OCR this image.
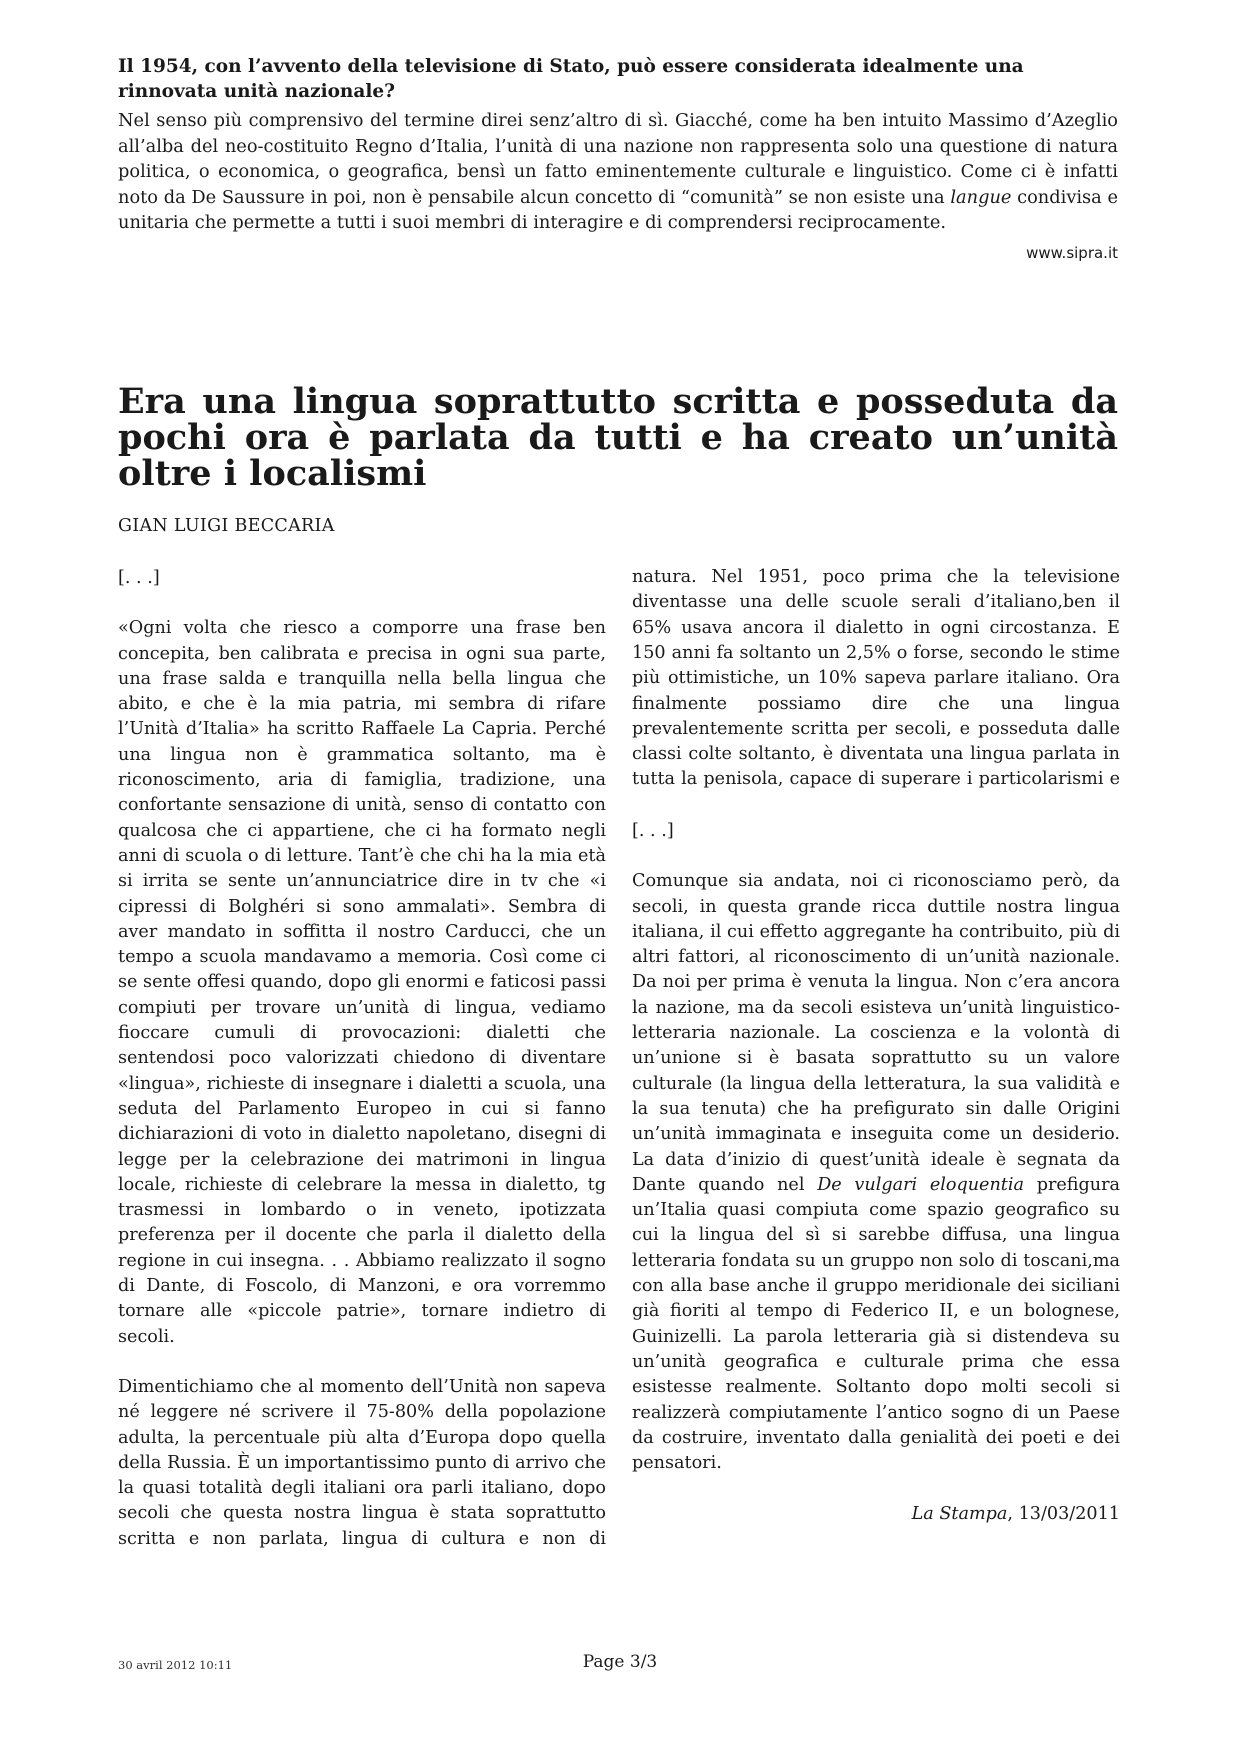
Il 1954, con l’avvento della televisione di Stato, può essere considerata idealmente una rinnovata unità nazionale?

Nel senso più comprensivo del termine direi senz’altro di sì. Giacché, come ha ben intuito Massimo d’Azeglio all’alba del neo-costituito Regno d’Italia, l’unità di una nazione non rappresenta solo una questione di natura politica, o economica, o geografica, bensì un fatto eminentemente culturale e linguistico. Come ci è infatti noto da De Saussure in poi, non è pensabile alcun concetto di “comunità” se non esiste una langue condivisa e unitaria che permette a tutti i suoi membri di interagire e di comprendersi reciprocamente.

www.sipra.it
Era una lingua soprattutto scritta e posseduta da pochi ora è parlata da tutti e ha creato un’unità oltre i localismi
GIAN LUIGI BECCARIA

[. . .]

«Ogni volta che riesco a comporre una frase ben concepita, ben calibrata e precisa in ogni sua parte, una frase salda e tranquilla nella bella lingua che abito, e che è la mia patria, mi sembra di rifare l’Unità d’Italia» ha scritto Raffaele La Capria. Perché una lingua non è grammatica soltanto, ma è riconoscimento, aria di famiglia, tradizione, una confortante sensazione di unità, senso di contatto con qualcosa che ci appartiene, che ci ha formato negli anni di scuola o di letture. Tant’è che chi ha la mia età si irrita se sente un’annunciatrice dire in tv che «i cipressi di Bolghéri si sono ammalati». Sembra di aver mandato in soffitta il nostro Carducci, che un tempo a scuola mandavamo a memoria. Così come ci se sente offesi quando, dopo gli enormi e faticosi passi compiuti per trovare un’unità di lingua, vediamo fioccare cumuli di provocazioni: dialetti che sentendosi poco valorizzati chiedono di diventare «lingua», richieste di insegnare i dialetti a scuola, una seduta del Parlamento Europeo in cui si fanno dichiarazioni di voto in dialetto napoletano, disegni di legge per la celebrazione dei matrimoni in lingua locale, richieste di celebrare la messa in dialetto, tg trasmessi in lombardo o in veneto, ipotizzata preferenza per il docente che parla il dialetto della regione in cui insegna. . . Abbiamo realizzato il sogno di Dante, di Foscolo, di Manzoni, e ora vorremmo tornare alle «piccole patrie», tornare indietro di secoli.

Dimentichiamo che al momento dell’Unità non sapeva né leggere né scrivere il 75-80% della popolazione adulta, la percentuale più alta d’Europa dopo quella della Russia. È un importantissimo punto di arrivo che la quasi totalità degli italiani ora parli italiano, dopo secoli che questa nostra lingua è stata soprattutto scritta e non parlata, lingua di cultura e non di

natura. Nel 1951, poco prima che la televisione diventasse una delle scuole serali d’italiano,ben il 65% usava ancora il dialetto in ogni circostanza. E 150 anni fa soltanto un 2,5% o forse, secondo le stime più ottimistiche, un 10% sapeva parlare italiano. Ora finalmente possiamo dire che una lingua prevalentemente scritta per secoli, e posseduta dalle classi colte soltanto, è diventata una lingua parlata in tutta la penisola, capace di superare i particolarismi e

[. . .]

Comunque sia andata, noi ci riconosciamo però, da secoli, in questa grande ricca duttile nostra lingua italiana, il cui effetto aggregante ha contribuito, più di altri fattori, al riconoscimento di un’unità nazionale. Da noi per prima è venuta la lingua. Non c’era ancora la nazione, ma da secoli esisteva un’unità linguistico-letteraria nazionale. La coscienza e la volontà di un’unione si è basata soprattutto su un valore culturale (la lingua della letteratura, la sua validità e la sua tenuta) che ha prefigurato sin dalle Origini un’unità immaginata e inseguita come un desiderio. La data d’inizio di quest’unità ideale è segnata da Dante quando nel De vulgari eloquentia prefigura un’Italia quasi compiuta come spazio geografico su cui la lingua del sì si sarebbe diffusa, una lingua letteraria fondata su un gruppo non solo di toscani,ma con alla base anche il gruppo meridionale dei siciliani già fioriti al tempo di Federico II, e un bolognese, Guinizelli. La parola letteraria già si distendeva su un’unità geografica e culturale prima che essa esistesse realmente. Soltanto dopo molti secoli si realizzerà compiutamente l’antico sogno di un Paese da costruire, inventato dalla genialità dei poeti e dei pensatori.

La Stampa, 13/03/2011
30 avril 2012 10:11	Page 3/3
